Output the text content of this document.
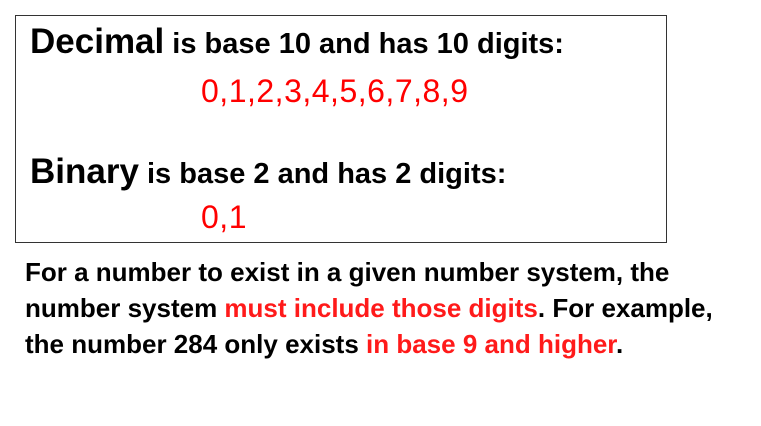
Decimal is base 10 and has 10 digits:
0,1,2,3,4,5,6,7,8,9
Binary is base 2 and has 2 digits:
0,1
For a number to exist in a given number system, the number system must include those digits. For example, the number 284 only exists in base 9 and higher.
